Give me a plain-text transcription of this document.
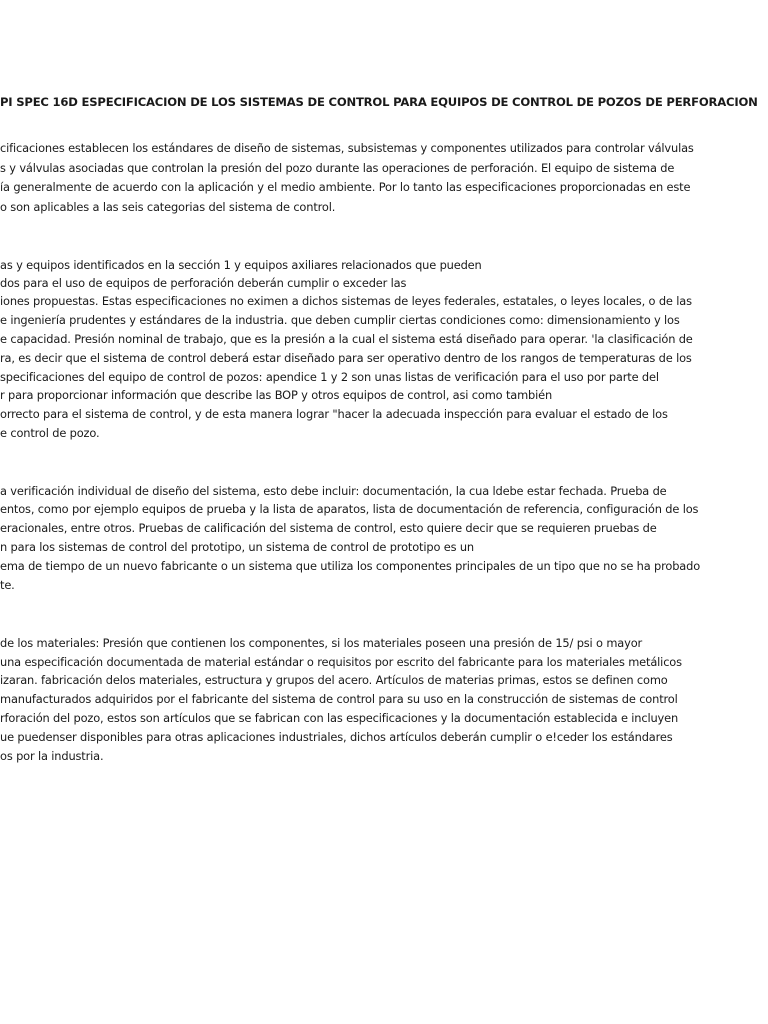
PI SPEC 16D ESPECIFICACION DE LOS SISTEMAS DE CONTROL PARA EQUIPOS DE CONTROL DE POZOS DE PERFORACION

cificaciones establecen los estándares de diseño de sistemas, subsistemas y componentes utilizados para controlar válvulas

s y válvulas asociadas que controlan la presión del pozo durante las operaciones de perforación. El equipo de sistema de

ía generalmente de acuerdo con la aplicación y el medio ambiente. Por lo tanto las especificaciones proporcionadas en este

o son aplicables a las seis categorias del sistema de control.

as y equipos identificados en la sección 1 y equipos axiliares relacionados que pueden

dos para el uso de equipos de perforación deberán cumplir o exceder las

iones propuestas. Estas especificaciones no eximen a dichos sistemas de leyes federales, estatales, o leyes locales, o de las

e ingeniería prudentes y estándares de la industria. que deben cumplir ciertas condiciones como: dimensionamiento y los

e capacidad. Presión nominal de trabajo, que es la presión a la cual el sistema está diseñado para operar. 'la clasificación de

ra, es decir que el sistema de control deberá estar diseñado para ser operativo dentro de los rangos de temperaturas de los

specificaciones del equipo de control de pozos: apendice 1 y 2 son unas listas de verificación para el uso por parte del

r para proporcionar información que describe las BOP y otros equipos de control, asi como también

orrecto para el sistema de control, y de esta manera lograr "hacer la adecuada inspección para evaluar el estado de los

e control de pozo.

a verificación individual de diseño del sistema, esto debe incluir: documentación, la cua ldebe estar fechada. Prueba de

entos, como por ejemplo equipos de prueba y la lista de aparatos, lista de documentación de referencia, configuración de los

eracionales, entre otros. Pruebas de calificación del sistema de control, esto quiere decir que se requieren pruebas de

n para los sistemas de control del prototipo, un sistema de control de prototipo es un

ema de tiempo de un nuevo fabricante o un sistema que utiliza los componentes principales de un tipo que no se ha probado

te.

de los materiales: Presión que contienen los componentes, si los materiales poseen una presión de 15/ psi o mayor

una especificación documentada de material estándar o requisitos por escrito del fabricante para los materiales metálicos

izaran. fabricación delos materiales, estructura y grupos del acero. Artículos de materias primas, estos se definen como

manufacturados adquiridos por el fabricante del sistema de control para su uso en la construcción de sistemas de control

rforación del pozo, estos son artículos que se fabrican con las especificaciones y la documentación establecida e incluyen

ue puedenser disponibles para otras aplicaciones industriales, dichos artículos deberán cumplir o e!ceder los estándares

os por la industria.
